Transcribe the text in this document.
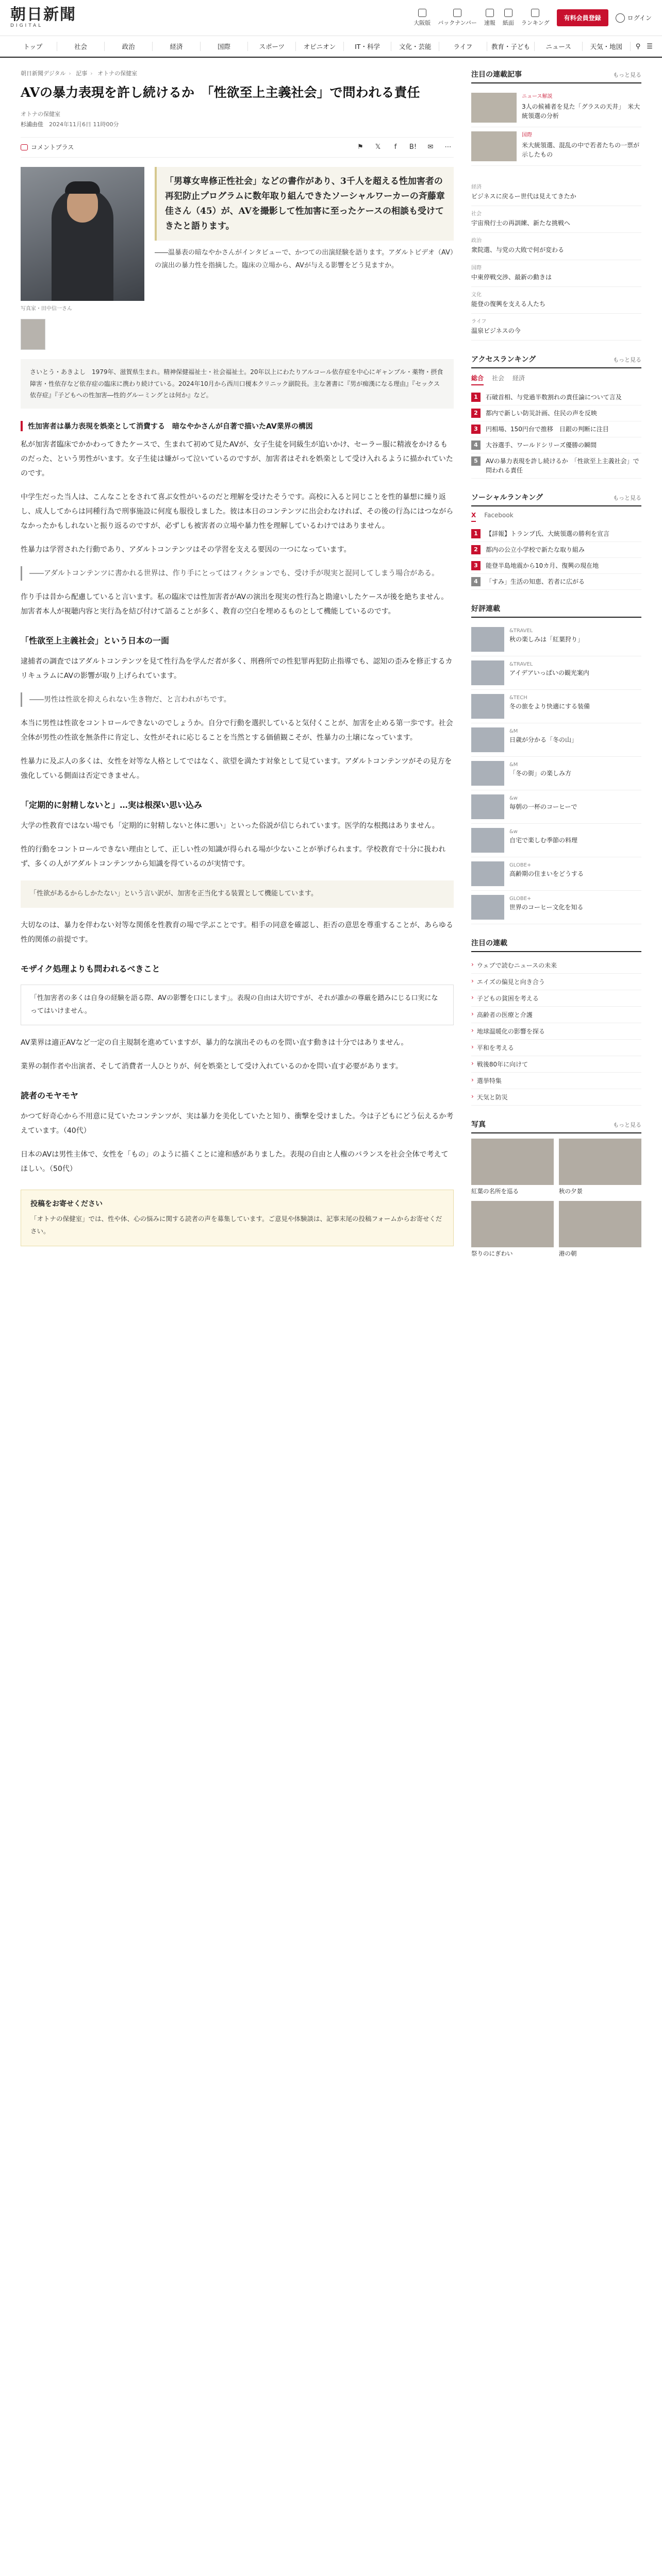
朝日新聞
DIGITAL	大阪版 バックナンバー 速報 紙面 ランキング
有料会員登録	ログイン
トップ	社会	政治	経済	国際	スポーツ	オピニオン	IT・科学	文化・芸能	ライフ	教育・子ども	ニュース	天気・地図	⚲ ☰
朝日新聞デジタル › 記事 › オトナの保健室
AVの暴力表現を許し続けるか　「性欲至上主義社会」で問われる責任
オトナの保健室
杉浦由佳　 2024年11月6日 11時00分
コメントプラス	⚑	𝕏	f	B!	✉	⋯
写真家・田中信一さん
「男尊女卑修正性社会」などの書作があり、3千人を超える性加害者の再犯防止プログラムに数年取り組んできたソーシャルワーカーの斉藤章佳さん（45）が、AVを撮影して性加害に至ったケースの相談も受けてきたと語ります。

――温暴表の暗なやかさんがインタビューで、かつての出演経験を語ります。アダルトビデオ（AV）の演出の暴力性を指摘した。臨床の立場から、AVが与える影響をどう見ますか。

さいとう・あきよし　1979年、滋賀県生まれ。精神保健福祉士・社会福祉士。20年以上にわたりアルコール依存症を中心にギャンブル・薬物・摂食障害・性依存など依存症の臨床に携わり続けている。2024年10月から西川口榎本クリニック副院長。主な著書に『男が痴漢になる理由』『セックス依存症』『子どもへの性加害―性的グルーミングとは何か』など。
性加害者は暴力表現を娯楽として消費する　暗なやかさんが自著で描いたAV業界の構図

私が加害者臨床でかかわってきたケースで、生まれて初めて見たAVが、女子生徒を同級生が追いかけ、セーラー服に精液をかけるものだった、という男性がいます。女子生徒は嫌がって泣いているのですが、加害者はそれを娯楽として受け入れるように描かれていたのです。

中学生だった当人は、こんなことをされて喜ぶ女性がいるのだと理解を受けたそうです。高校に入ると同じことを性的暴想に繰り返し、成人してからは同種行為で刑事施設に何度も服役しました。彼は本日のコンテンツに出会わなければ、その後の行為にはつながらなかったかもしれないと振り返るのですが、必ずしも被害者の立場や暴力性を理解しているわけではありません。

性暴力は学習された行動であり、アダルトコンテンツはその学習を支える要因の一つになっています。

――アダルトコンテンツに書かれる世界は、作り手にとってはフィクションでも、受け手が現実と混同してしまう場合がある。

作り手は昔から配慮していると言います。私の臨床では性加害者がAVの演出を現実の性行為と勘違いしたケースが後を絶ちません。加害者本人が視聴内容と実行為を結び付けて語ることが多く、教育の空白を埋めるものとして機能しているのです。

「性欲至上主義社会」という日本の一面

逮捕者の調査ではアダルトコンテンツを見て性行為を学んだ者が多く、刑務所での性犯罪再犯防止指導でも、認知の歪みを修正するカリキュラムにAVの影響が取り上げられています。

――男性は性欲を抑えられない生き物だ、と言われがちです。

本当に男性は性欲をコントロールできないのでしょうか。自分で行動を選択していると気付くことが、加害を止める第一歩です。社会全体が男性の性欲を無条件に肯定し、女性がそれに応じることを当然とする価値観こそが、性暴力の土壌になっています。

性暴力に及ぶ人の多くは、女性を対等な人格としてではなく、欲望を満たす対象として見ています。アダルトコンテンツがその見方を強化している側面は否定できません。

「定期的に射精しないと」…実は根深い思い込み

大学の性教育ではない場でも「定期的に射精しないと体に悪い」といった俗説が信じられています。医学的な根拠はありません。

性的行動をコントロールできない理由として、正しい性の知識が得られる場が少ないことが挙げられます。学校教育で十分に扱われず、多くの人がアダルトコンテンツから知識を得ているのが実情です。

「性欲があるからしかたない」という言い訳が、加害を正当化する装置として機能しています。

大切なのは、暴力を伴わない対等な関係を性教育の場で学ぶことです。相手の同意を確認し、拒否の意思を尊重することが、あらゆる性的関係の前提です。

モザイク処理よりも問われるべきこと
「性加害者の多くは自身の経験を語る際、AVの影響を口にします」。表現の自由は大切ですが、それが誰かの尊厳を踏みにじる口実になってはいけません。

AV業界は適正AVなど一定の自主規制を進めていますが、暴力的な演出そのものを問い直す動きは十分ではありません。

業界の制作者や出演者、そして消費者一人ひとりが、何を娯楽として受け入れているのかを問い直す必要があります。

読者のモヤモヤ

かつて好奇心から不用意に見ていたコンテンツが、実は暴力を美化していたと知り、衝撃を受けました。今は子どもにどう伝えるか考えています。（40代）

日本のAVは男性主体で、女性を「もの」のように描くことに違和感がありました。表現の自由と人権のバランスを社会全体で考えてほしい。（50代）

投稿をお寄せください
「オトナの保健室」では、性や体、心の悩みに関する読者の声を募集しています。ご意見や体験談は、記事末尾の投稿フォームからお寄せください。
注目の連載記事	もっと見る
ニュース解説
3人の候補者を見た「グラスの天井」　米大統領選の分析
国際
米大統領選、混乱の中で若者たちの一票が示したもの
経済
ビジネスに戻るー世代は見えてきたか
社会
宇宙飛行士の再訓練、新たな挑戦へ
政治
衆院選、与党の大敗で何が変わる
国際
中東停戦交渉、最新の動きは
文化
能登の復興を支える人たち
ライフ
温泉ビジネスの今
アクセスランキング	もっと見る
総合 社会 経済
1	石破首相、与党過半数割れの責任論について言及
2	都内で新しい防災計画、住民の声を反映
3	円相場、150円台で推移　日銀の判断に注目
4	大谷選手、ワールドシリーズ優勝の瞬間
5	AVの暴力表現を許し続けるか　「性欲至上主義社会」で問われる責任
ソーシャルランキング	もっと見る
X Facebook
1	【詳報】トランプ氏、大統領選の勝利を宣言
2	都内の公立小学校で新たな取り組み
3	能登半島地震から10カ月、復興の現在地
4	「すみ」生活の知恵、若者に広がる
好評連載
&TRAVEL
秋の楽しみは「紅葉狩り」
&TRAVEL
アイデアいっぱいの観光案内
&TECH
冬の旅をより快適にする装備
&M
日歳が分かる「冬の山」
&M
「冬の街」の楽しみ方
&w
毎朝の一杯のコーヒーで
&w
自宅で楽しむ季節の料理
GLOBE+
高齢期の住まいをどうする
GLOBE+
世界のコーヒー文化を知る
注目の連載
› ウェブで読むニュースの未来
› エイズの偏見と向き合う
› 子どもの貧困を考える
› 高齢者の医療と介護
› 地球温暖化の影響を探る
› 平和を考える
› 戦後80年に向けて
› 選挙特集
› 天気と防災
写真	もっと見る
紅葉の名所を巡る	秋の夕景
祭りのにぎわい	港の朝
